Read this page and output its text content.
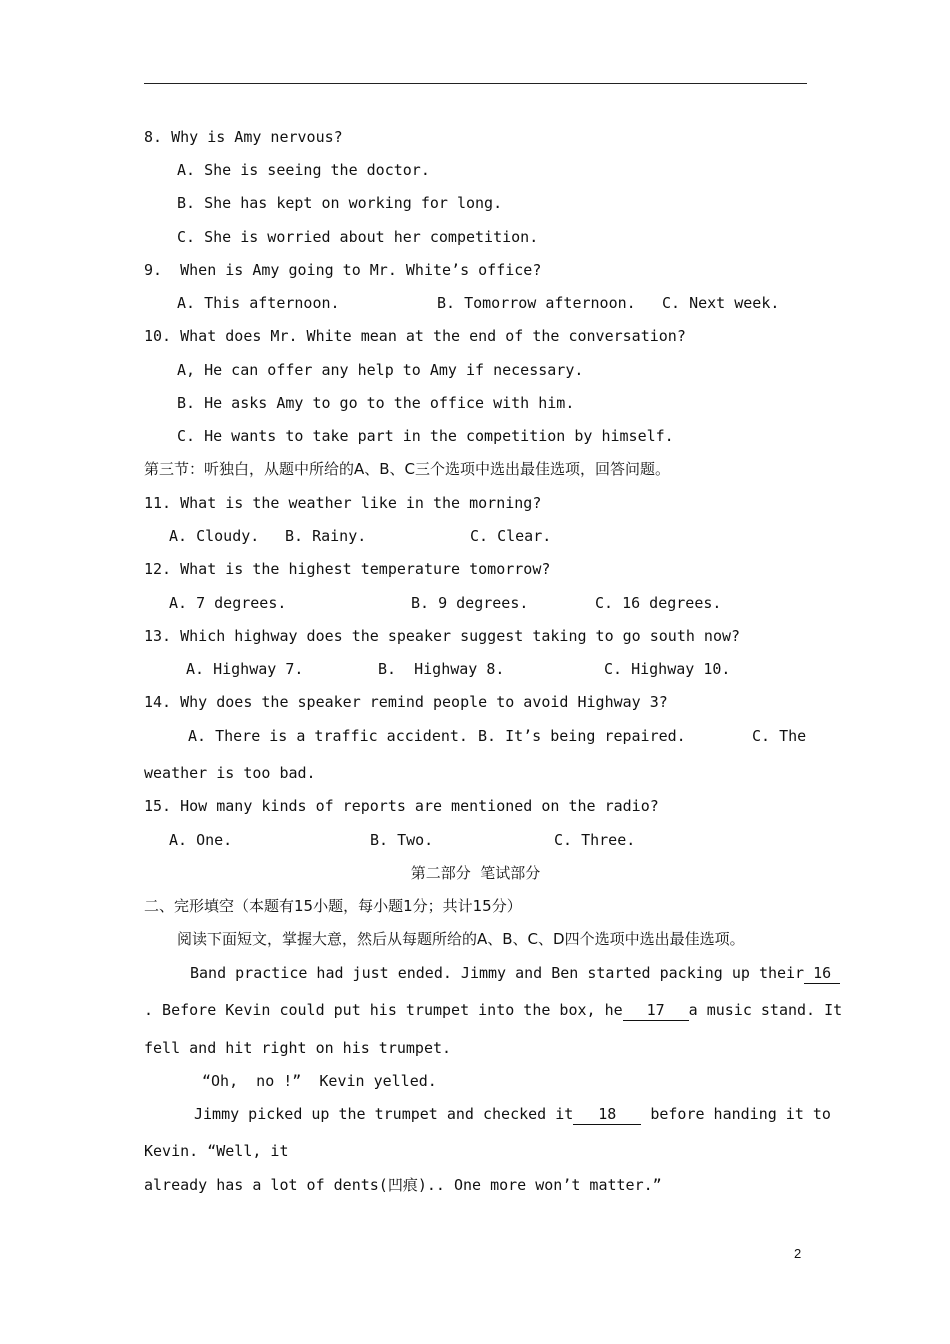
8. Why is Amy nervous?
A. She is seeing the doctor.
B. She has kept on working for long.
C. She is worried about her competition.
9.  When is Amy going to Mr. White’s office?
A. This afternoon.	B. Tomorrow afternoon. C. Next week.
10. What does Mr. White mean at the end of the conversation?
A, He can offer any help to Amy if necessary.
B. He asks Amy to go to the office with him.
C. He wants to take part in the competition by himself.
第三节：听独白，从题中所给的A、B、C三个选项中选出最佳选项，回答问题。
11. What is the weather like in the morning?
A. Cloudy. B. Rainy.	C. Clear.
12. What is the highest temperature tomorrow?
A. 7 degrees.	B. 9 degrees.	C. 16 degrees.
13. Which highway does the speaker suggest taking to go south now?
A. Highway 7.	B.  Highway 8.	C. Highway 10.
14. Why does the speaker remind people to avoid Highway 3?
A. There is a traffic accident. B. It’s being repaired.	C. The
weather is too bad.
15. How many kinds of reports are mentioned on the radio?
A. One.	B. Two.	C. Three.
第二部分  笔试部分
二、完形填空（本题有15小题，每小题1分；共计15分）
阅读下面短文，掌握大意，然后从每题所给的A、B、C、D四个选项中选出最佳选项。
Band practice had just ended. Jimmy and Ben started packing up their 16
. Before Kevin could put his trumpet into the box, he 17 a music stand. It
fell and hit right on his trumpet.
“Oh,  no !”  Kevin yelled.
Jimmy picked up the trumpet and checked it 18 before handing it to
Kevin. “Well, it
already has a lot of dents(凹痕).. One more won’t matter.”
2
